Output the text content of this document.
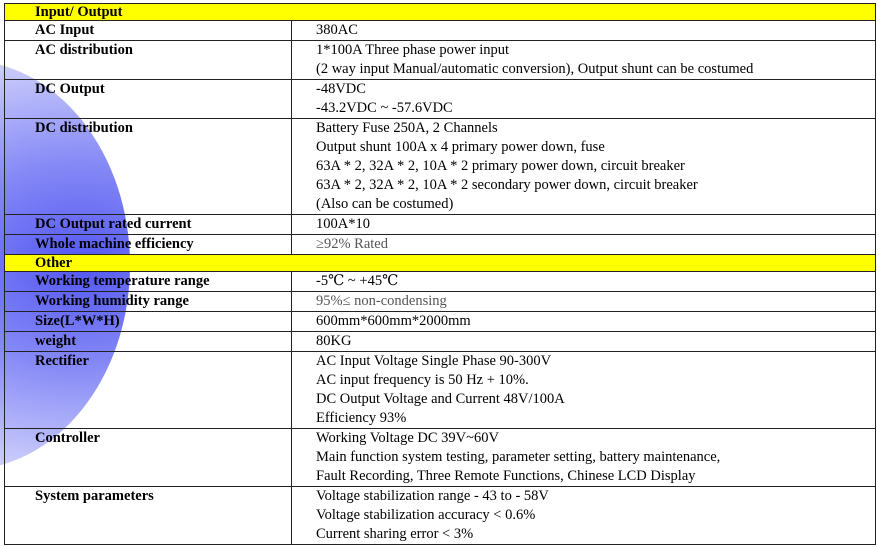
Input/ Output	
AC Input	380AC

AC distribution	1*100A Three phase power input
(2 way input Manual/automatic conversion), Output shunt can be costumed

DC Output	-48VDC
-43.2VDC ~ -57.6VDC

DC distribution	Battery Fuse 250A, 2 Channels
Output shunt 100A x 4 primary power down, fuse
63A * 2, 32A * 2, 10A * 2 primary power down, circuit breaker
63A * 2, 32A * 2, 10A * 2 secondary power down, circuit breaker
(Also can be costumed)

DC Output rated current	100A*10

Whole machine efficiency	≥92% Rated

Other	
Working temperature range	-5℃ ~ +45℃

Working humidity range	95%≤ non-condensing

Size(L*W*H)	600mm*600mm*2000mm

weight	80KG

Rectifier	AC Input Voltage Single Phase 90-300V
AC input frequency is 50 Hz + 10%.
DC Output Voltage and Current 48V/100A
Efficiency 93%

Controller	Working Voltage DC 39V~60V
Main function system testing, parameter setting, battery maintenance,
Fault Recording, Three Remote Functions, Chinese LCD Display

System parameters	Voltage stabilization range - 43 to - 58V
Voltage stabilization accuracy < 0.6%
Current sharing error < 3%
